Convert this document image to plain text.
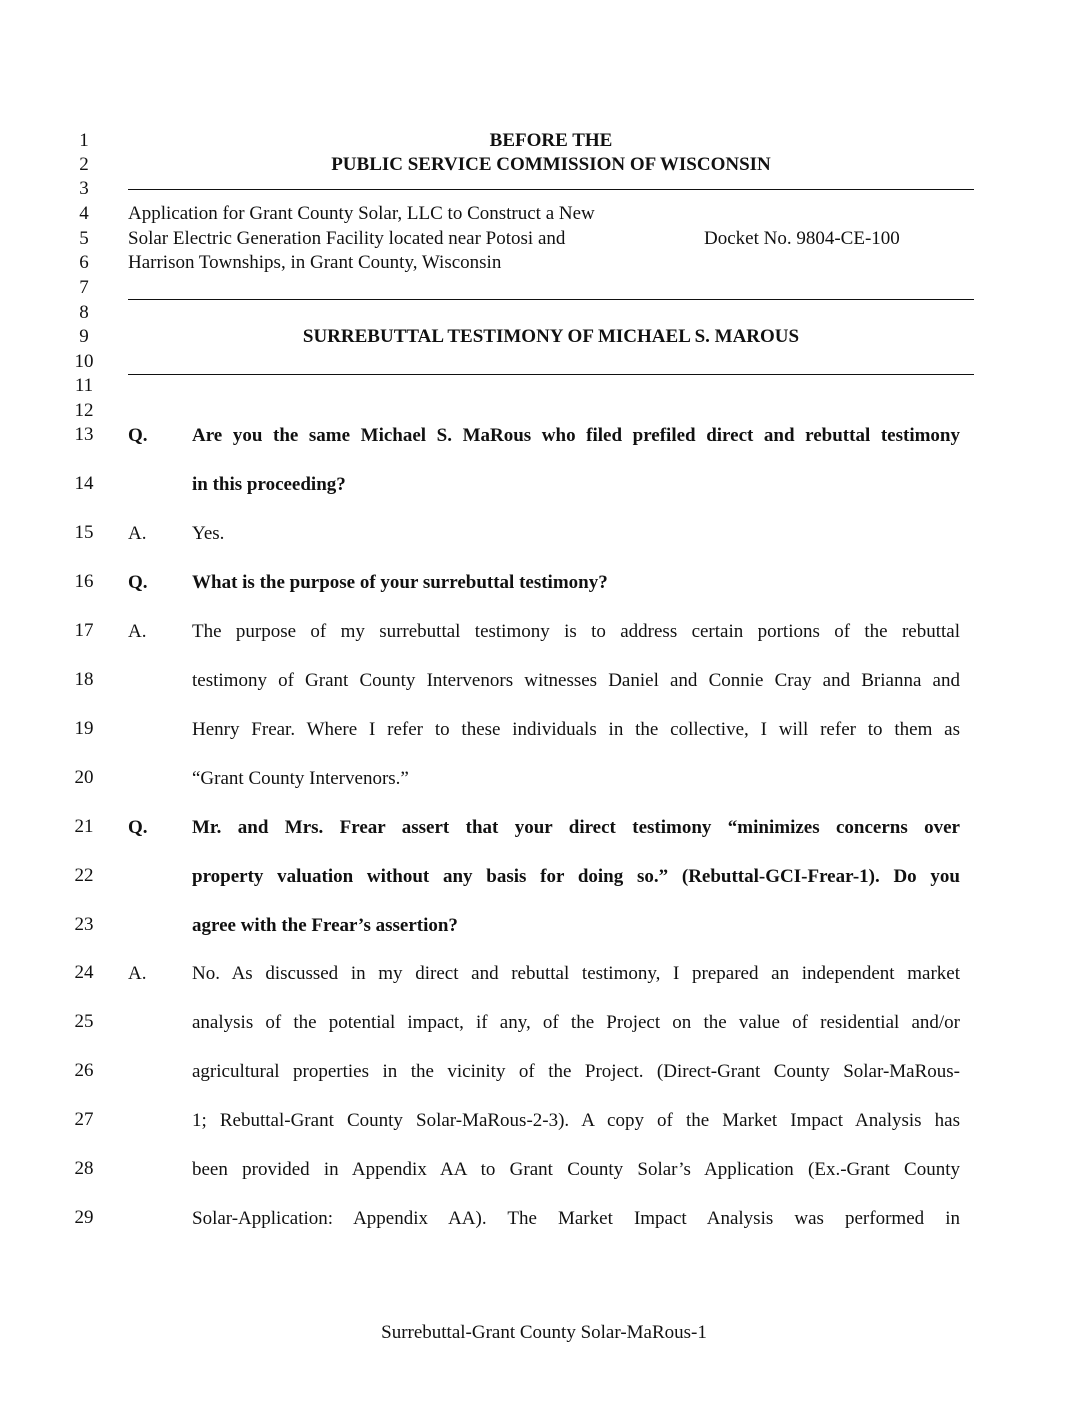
1
2
3
4
5
6
7
8
9
10
11
12
BEFORE THE
PUBLIC SERVICE COMMISSION OF WISCONSIN
Application for Grant County Solar, LLC to Construct a New
Solar Electric Generation Facility located near Potosi and
Harrison Townships, in Grant County, Wisconsin
Docket No. 9804-CE-100
SURREBUTTAL TESTIMONY OF MICHAEL S. MAROUS
13	Q. Are you the same Michael S. MaRous who filed prefiled direct and rebuttal testimony
14	in this proceeding?
15	A. Yes.
16	Q. What is the purpose of your surrebuttal testimony?
17	A. The purpose of my surrebuttal testimony is to address certain portions of the rebuttal
18	testimony of Grant County Intervenors witnesses Daniel and Connie Cray and Brianna and
19	Henry Frear. Where I refer to these individuals in the collective, I will refer to them as
20	“Grant County Intervenors.”
21	Q. Mr. and Mrs. Frear assert that your direct testimony “minimizes concerns over
22	property valuation without any basis for doing so.” (Rebuttal-GCI-Frear-1). Do you
23	agree with the Frear’s assertion?
24	A. No. As discussed in my direct and rebuttal testimony, I prepared an independent market
25	analysis of the potential impact, if any, of the Project on the value of residential and/or
26	agricultural properties in the vicinity of the Project. (Direct-Grant County Solar-MaRous-
27	1; Rebuttal-Grant County Solar-MaRous-2-3). A copy of the Market Impact Analysis has
28	been provided in Appendix AA to Grant County Solar’s Application (Ex.-Grant County
29	Solar-Application: Appendix AA). The Market Impact Analysis was performed in
Surrebuttal-Grant County Solar-MaRous-1
